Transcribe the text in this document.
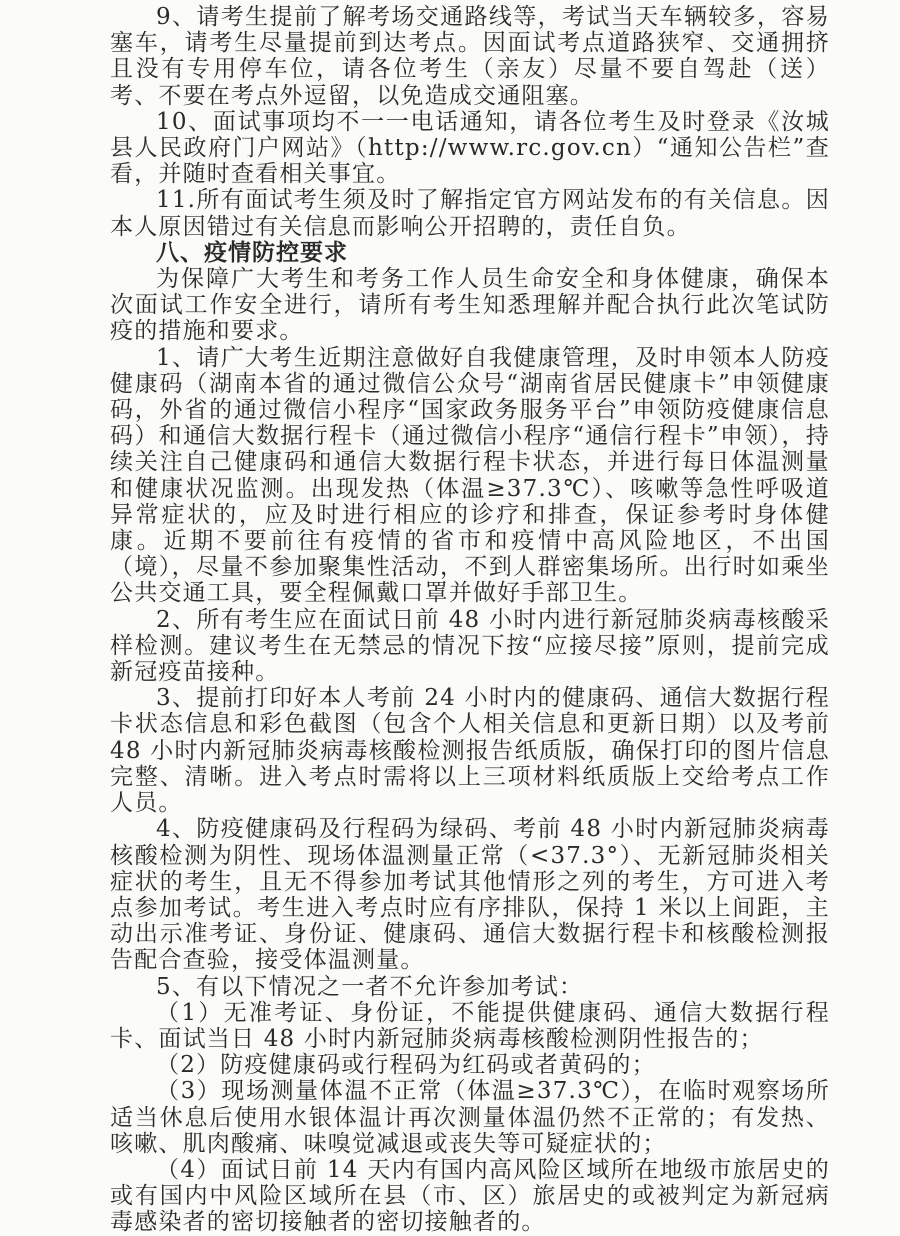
9、请考生提前了解考场交通路线等，考试当天车辆较多，容易塞车，请考生尽量提前到达考点。因面试考点道路狭窄、交通拥挤且没有专用停车位，请各位考生（亲友）尽量不要自驾赴（送）考、不要在考点外逗留，以免造成交通阻塞。

10、面试事项均不一一电话通知，请各位考生及时登录《汝城县人民政府门户网站》（http://www.rc.gov.cn）“通知公告栏”查看，并随时查看相关事宜。

11.所有面试考生须及时了解指定官方网站发布的有关信息。因本人原因错过有关信息而影响公开招聘的，责任自负。

八、疫情防控要求

为保障广大考生和考务工作人员生命安全和身体健康，确保本次面试工作安全进行，请所有考生知悉理解并配合执行此次笔试防疫的措施和要求。

1、请广大考生近期注意做好自我健康管理，及时申领本人防疫健康码（湖南本省的通过微信公众号“湖南省居民健康卡”申领健康码，外省的通过微信小程序“国家政务服务平台”申领防疫健康信息码）和通信大数据行程卡（通过微信小程序“通信行程卡”申领），持续关注自己健康码和通信大数据行程卡状态，并进行每日体温测量和健康状况监测。出现发热（体温≥37.3℃）、咳嗽等急性呼吸道异常症状的，应及时进行相应的诊疗和排查，保证参考时身体健康。近期不要前往有疫情的省市和疫情中高风险地区，不出国（境），尽量不参加聚集性活动，不到人群密集场所。出行时如乘坐公共交通工具，要全程佩戴口罩并做好手部卫生。

2、所有考生应在面试日前 48 小时内进行新冠肺炎病毒核酸采样检测。建议考生在无禁忌的情况下按“应接尽接”原则，提前完成新冠疫苗接种。

3、提前打印好本人考前 24 小时内的健康码、通信大数据行程卡状态信息和彩色截图（包含个人相关信息和更新日期）以及考前 48 小时内新冠肺炎病毒核酸检测报告纸质版，确保打印的图片信息完整、清晰。进入考点时需将以上三项材料纸质版上交给考点工作人员。

4、防疫健康码及行程码为绿码、考前 48 小时内新冠肺炎病毒核酸检测为阴性、现场体温测量正常（<37.3°）、无新冠肺炎相关症状的考生，且无不得参加考试其他情形之列的考生，方可进入考点参加考试。考生进入考点时应有序排队，保持 1 米以上间距，主动出示准考证、身份证、健康码、通信大数据行程卡和核酸检测报告配合查验，接受体温测量。

5、有以下情况之一者不允许参加考试：

（1）无准考证、身份证，不能提供健康码、通信大数据行程卡、面试当日 48 小时内新冠肺炎病毒核酸检测阴性报告的；

（2）防疫健康码或行程码为红码或者黄码的；

（3）现场测量体温不正常（体温≥37.3℃），在临时观察场所适当休息后使用水银体温计再次测量体温仍然不正常的；有发热、咳嗽、肌肉酸痛、味嗅觉减退或丧失等可疑症状的；

（4）面试日前 14 天内有国内高风险区域所在地级市旅居史的或有国内中风险区域所在县（市、区）旅居史的或被判定为新冠病毒感染者的密切接触者的密切接触者的。
